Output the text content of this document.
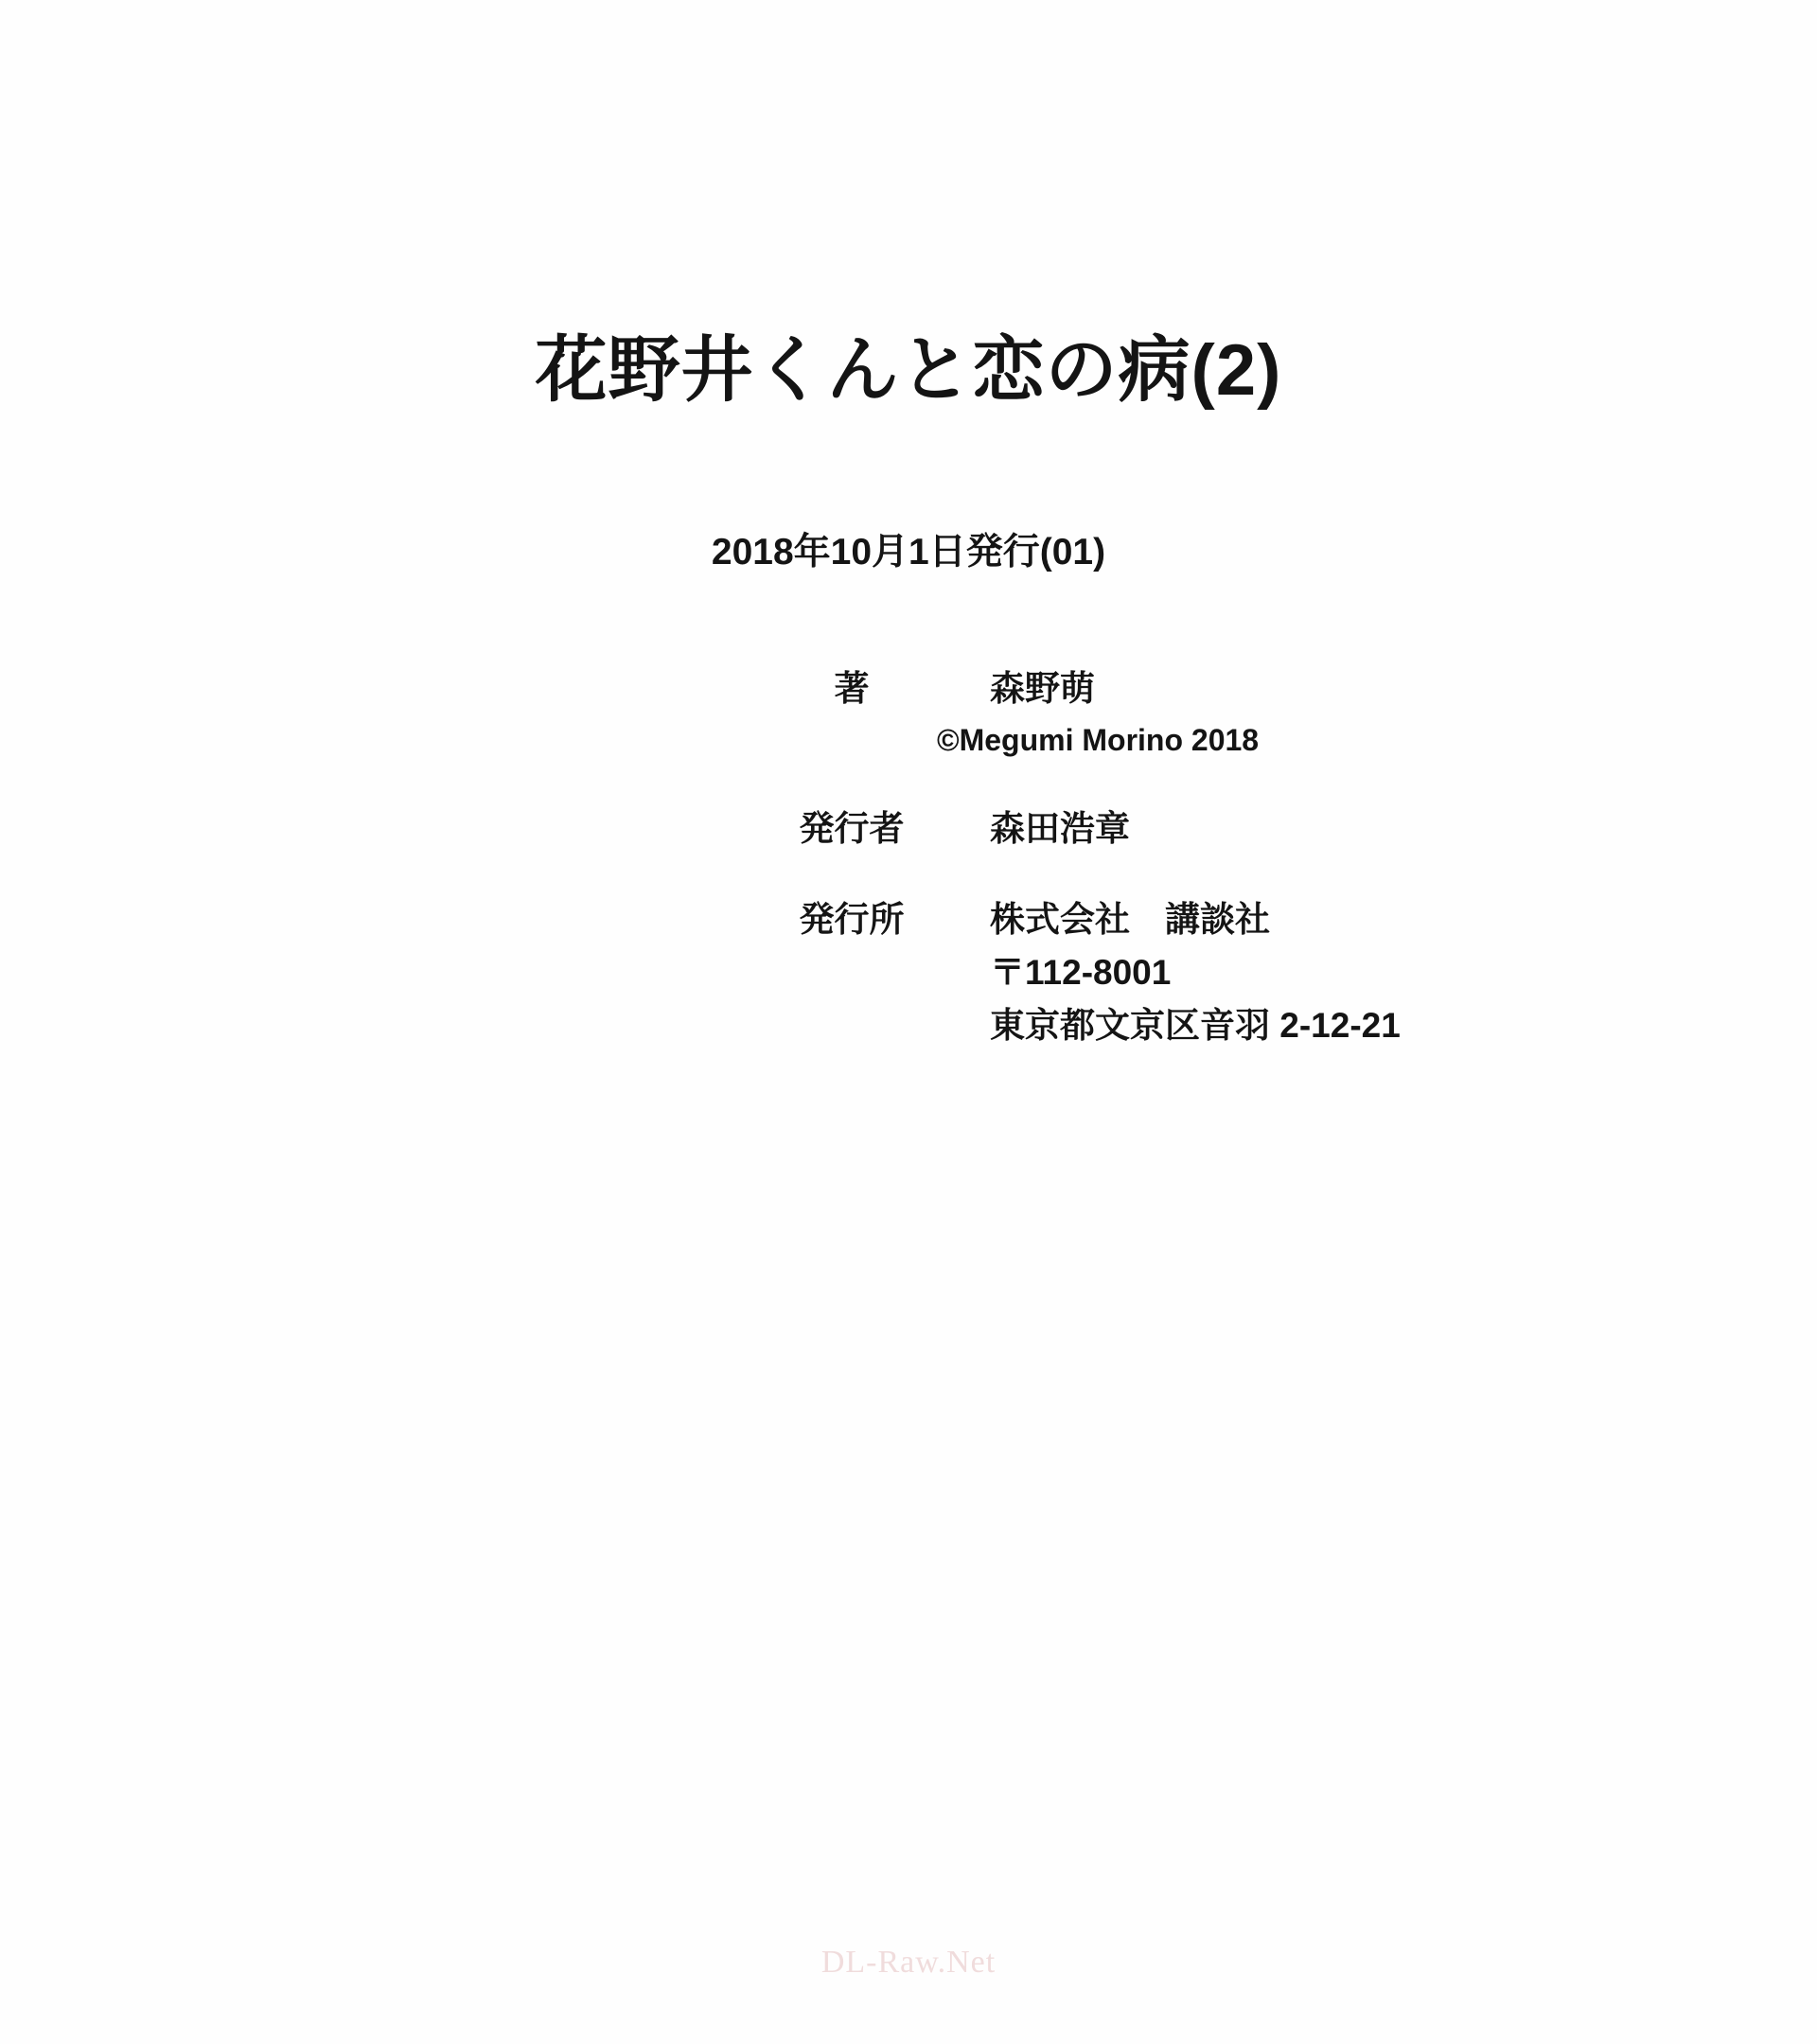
花野井くんと恋の病(2)
2018年10月1日発行(01)
著	森野萌
©Megumi Morino 2018
発行者	森田浩章
発行所	株式会社　講談社
〒112-8001
東京都文京区音羽 2-12-21
DL-Raw.Net
